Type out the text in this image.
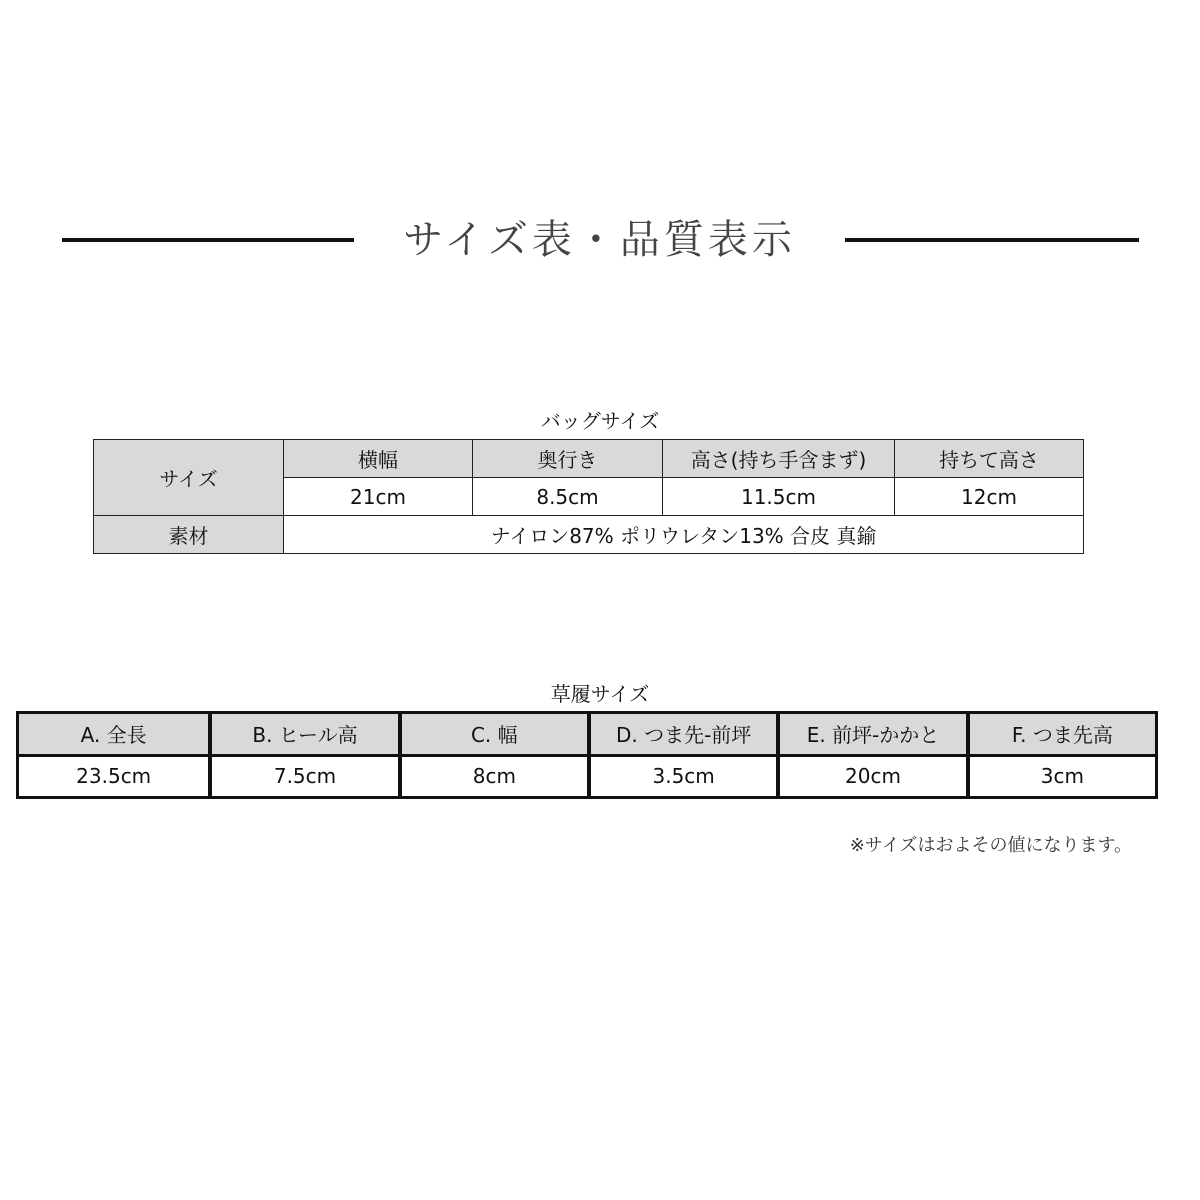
サイズ表・品質表示
バッグサイズ
サイズ	横幅	奥行き	高さ(持ち手含まず)	持ちて高さ
	21cm	8.5cm	11.5cm	12cm
素材	ナイロン87% ポリウレタン13% 合皮 真鍮			
草履サイズ
A. 全長	B. ヒール高	C. 幅	D. つま先-前坪	E. 前坪-かかと	F. つま先高
23.5cm	7.5cm	8cm	3.5cm	20cm	3cm
※サイズはおよその値になります。
